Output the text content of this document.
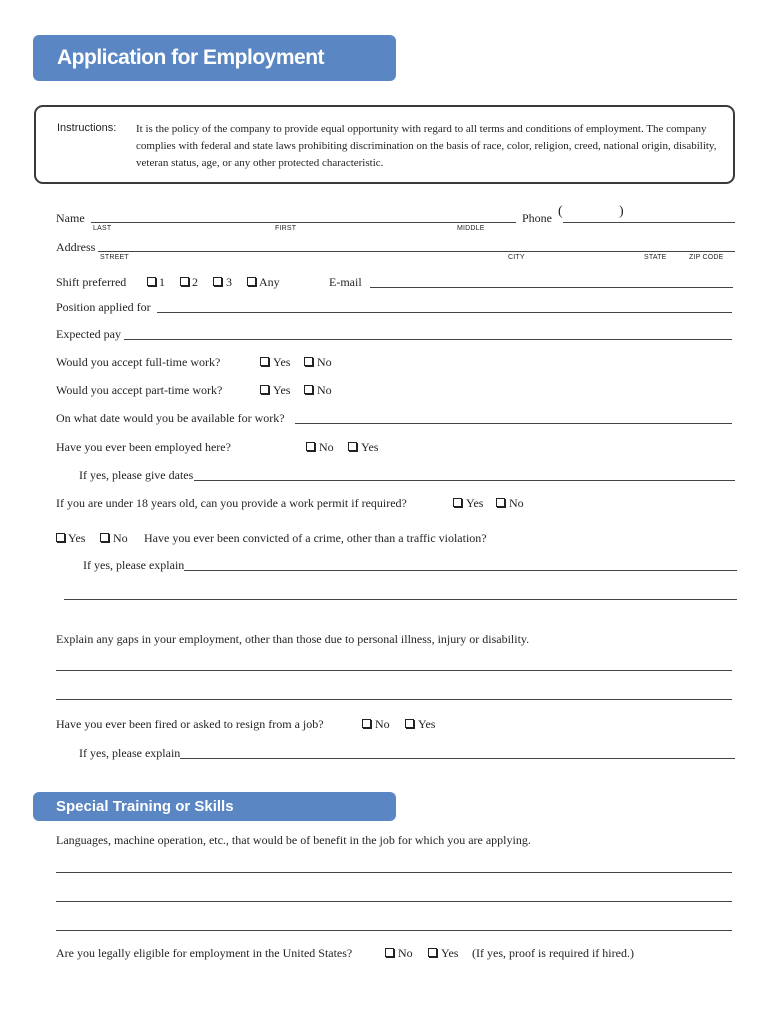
Application for Employment
Instructions: It is the policy of the company to provide equal opportunity with regard to all terms and conditions of employment. The company complies with federal and state laws prohibiting discrimination on the basis of race, color, religion, creed, national origin, disability, veteran status, age, or any other protected characteristic.
Name
LAST	FIRST	MIDDLE
Phone (	)
Address
STREET	CITY	STATE	ZIP CODE
Shift preferred	1 2 3 Any	E-mail
Position applied for
Expected pay
Would you accept full-time work?	Yes No
Would you accept part-time work?	Yes No
On what date would you be available for work?
Have you ever been employed here?	No Yes
If yes, please give dates
If you are under 18 years old, can you provide a work permit if required?	Yes No
Yes No Have you ever been convicted of a crime, other than a traffic violation?
If yes, please explain
Explain any gaps in your employment, other than those due to personal illness, injury or disability.
Have you ever been fired or asked to resign from a job?	No Yes
If yes, please explain
Special Training or Skills
Languages, machine operation, etc., that would be of benefit in the job for which you are applying.
Are you legally eligible for employment in the United States?	No Yes (If yes, proof is required if hired.)
